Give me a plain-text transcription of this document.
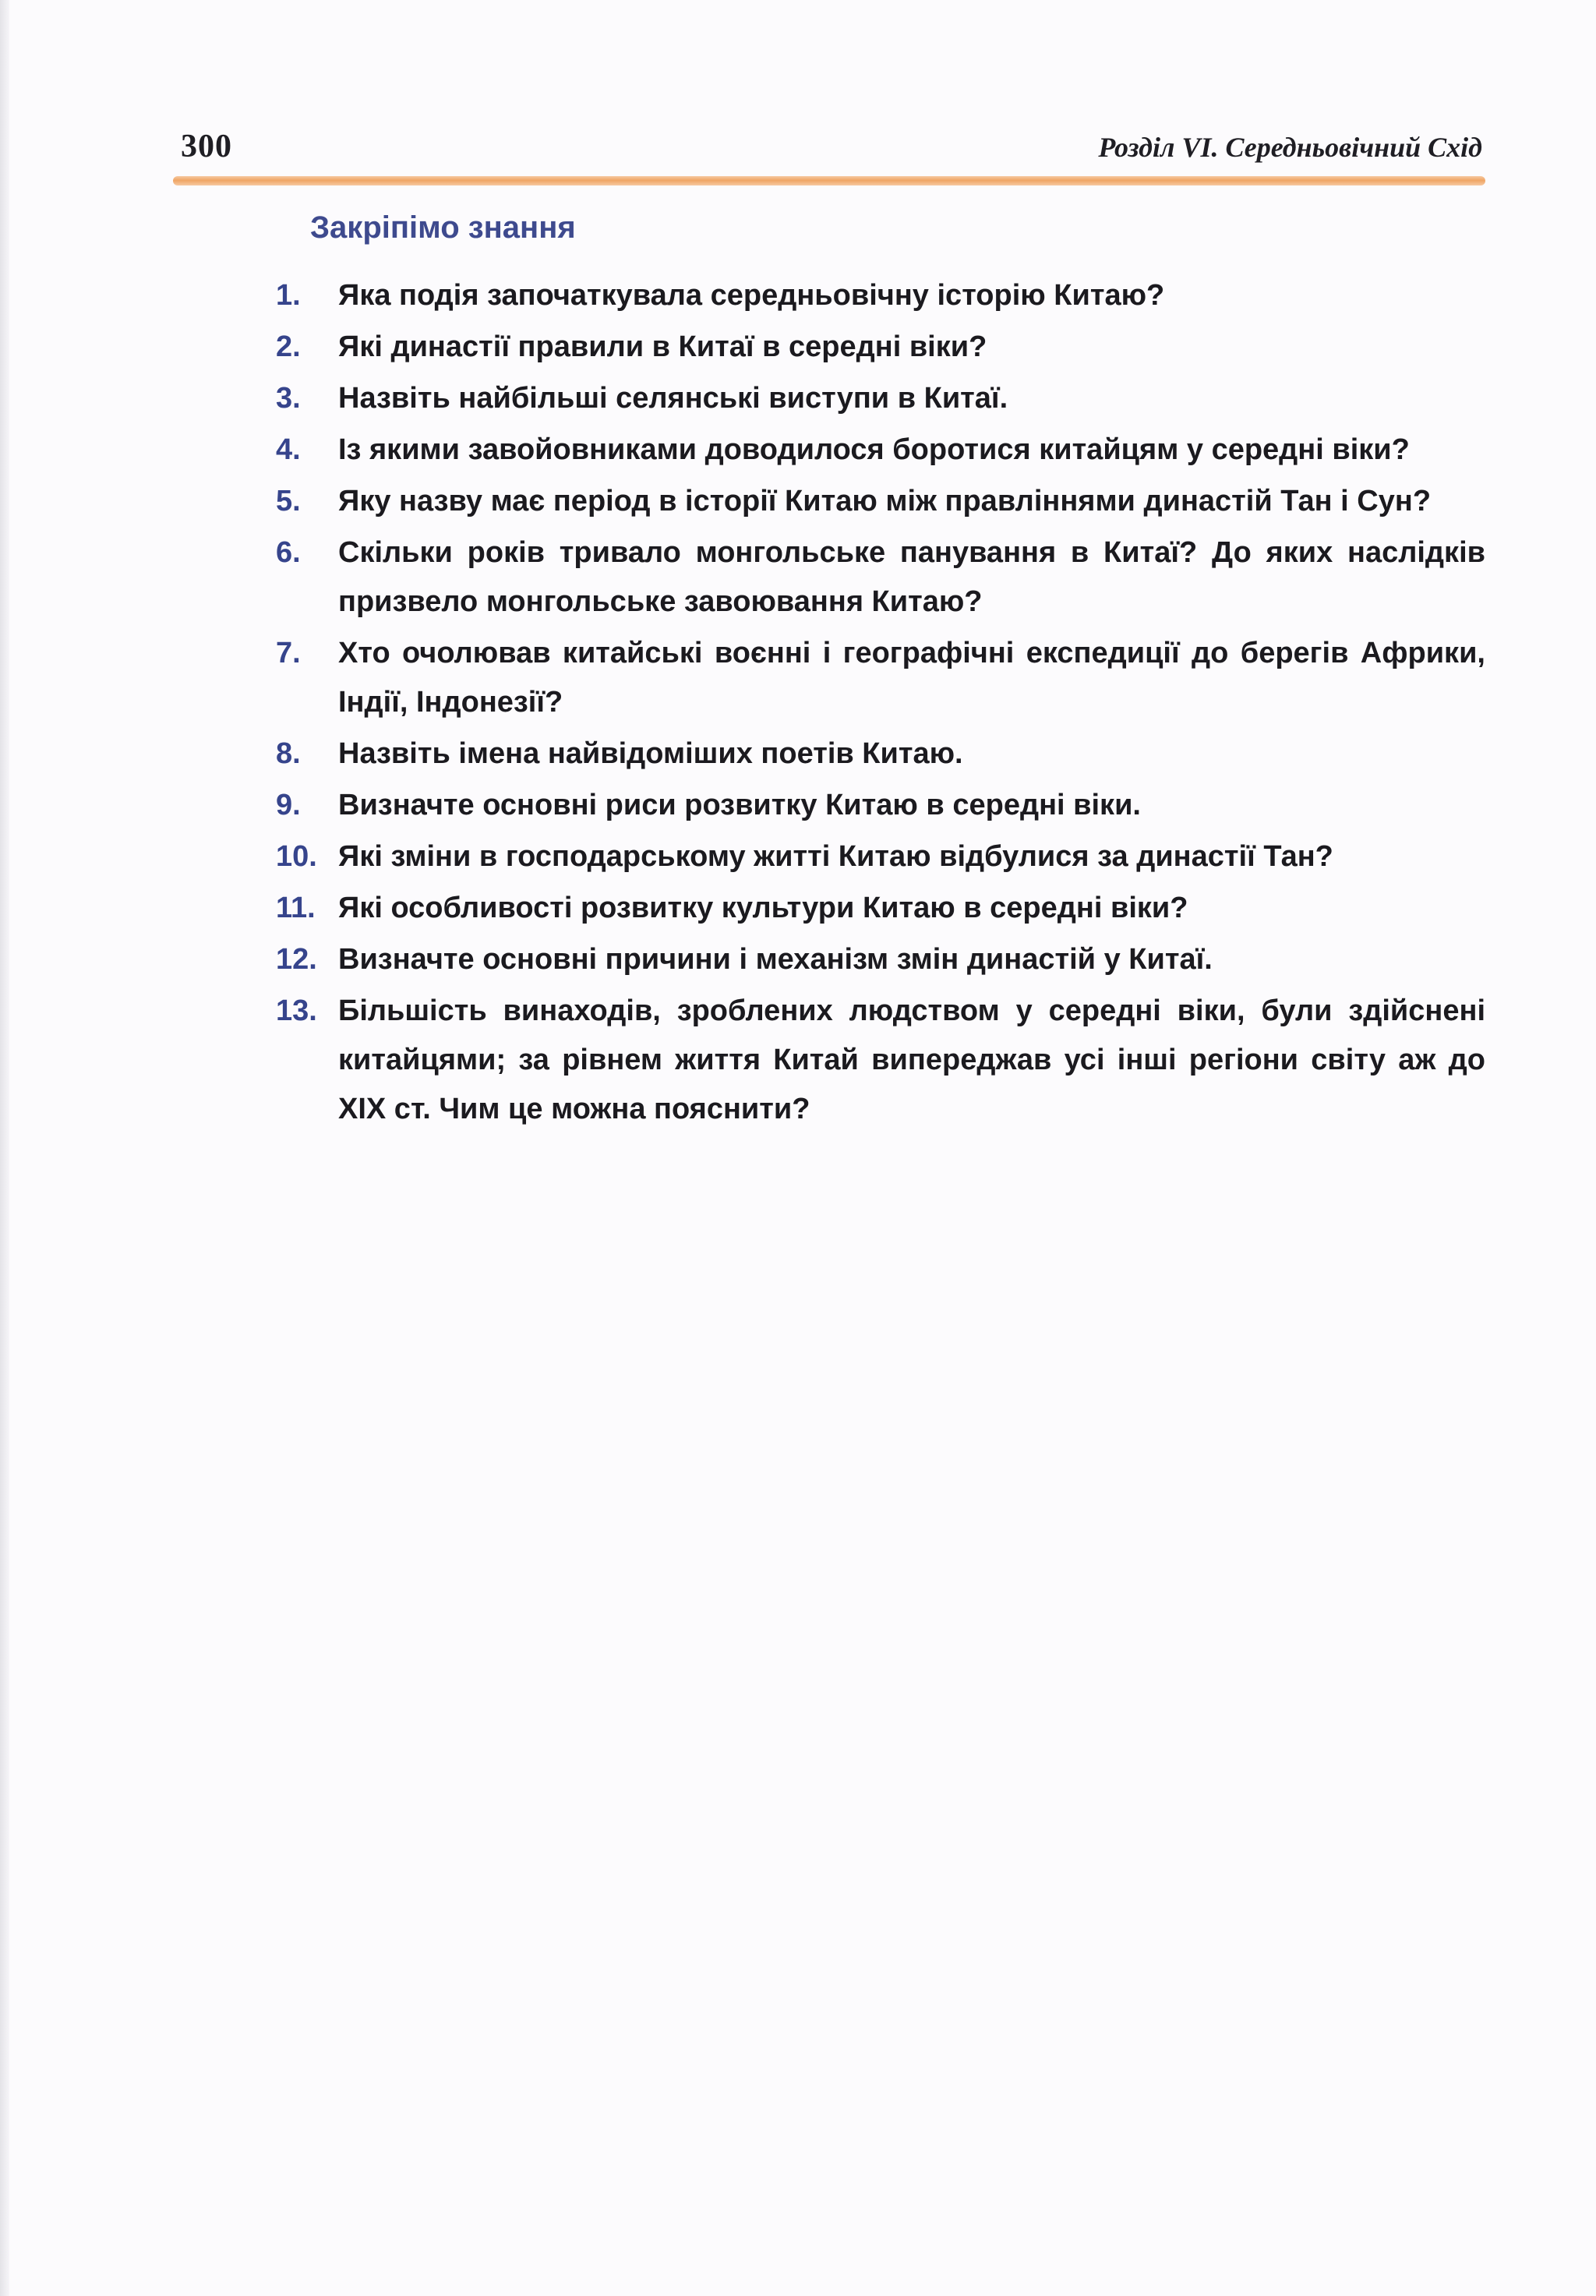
300	Розділ VI. Середньовічний Схід
Закріпімо знання
1. Яка подія започаткувала середньовічну історію Китаю?
2. Які династії правили в Китаї в середні віки?
3. Назвіть найбільші селянські виступи в Китаї.
4. Із якими завойовниками доводилося боротися китайцям у середні віки?
5. Яку назву має період в історії Китаю між правліннями династій Тан і Сун?
6. Скільки років тривало монгольське панування в Китаї? До яких наслідків призвело монгольське завоювання Китаю?
7. Хто очолював китайські воєнні і географічні експедиції до берегів Африки, Індії, Індонезії?
8. Назвіть імена найвідоміших поетів Китаю.
9. Визначте основні риси розвитку Китаю в середні віки.
10. Які зміни в господарському житті Китаю відбулися за династії Тан?
11. Які особливості розвитку культури Китаю в середні віки?
12. Визначте основні причини і механізм змін династій у Китаї.
13. Більшість винаходів, зроблених людством у середні віки, були здійснені китайцями; за рівнем життя Китай випереджав усі інші регіони світу аж до XIX ст. Чим це можна пояснити?
